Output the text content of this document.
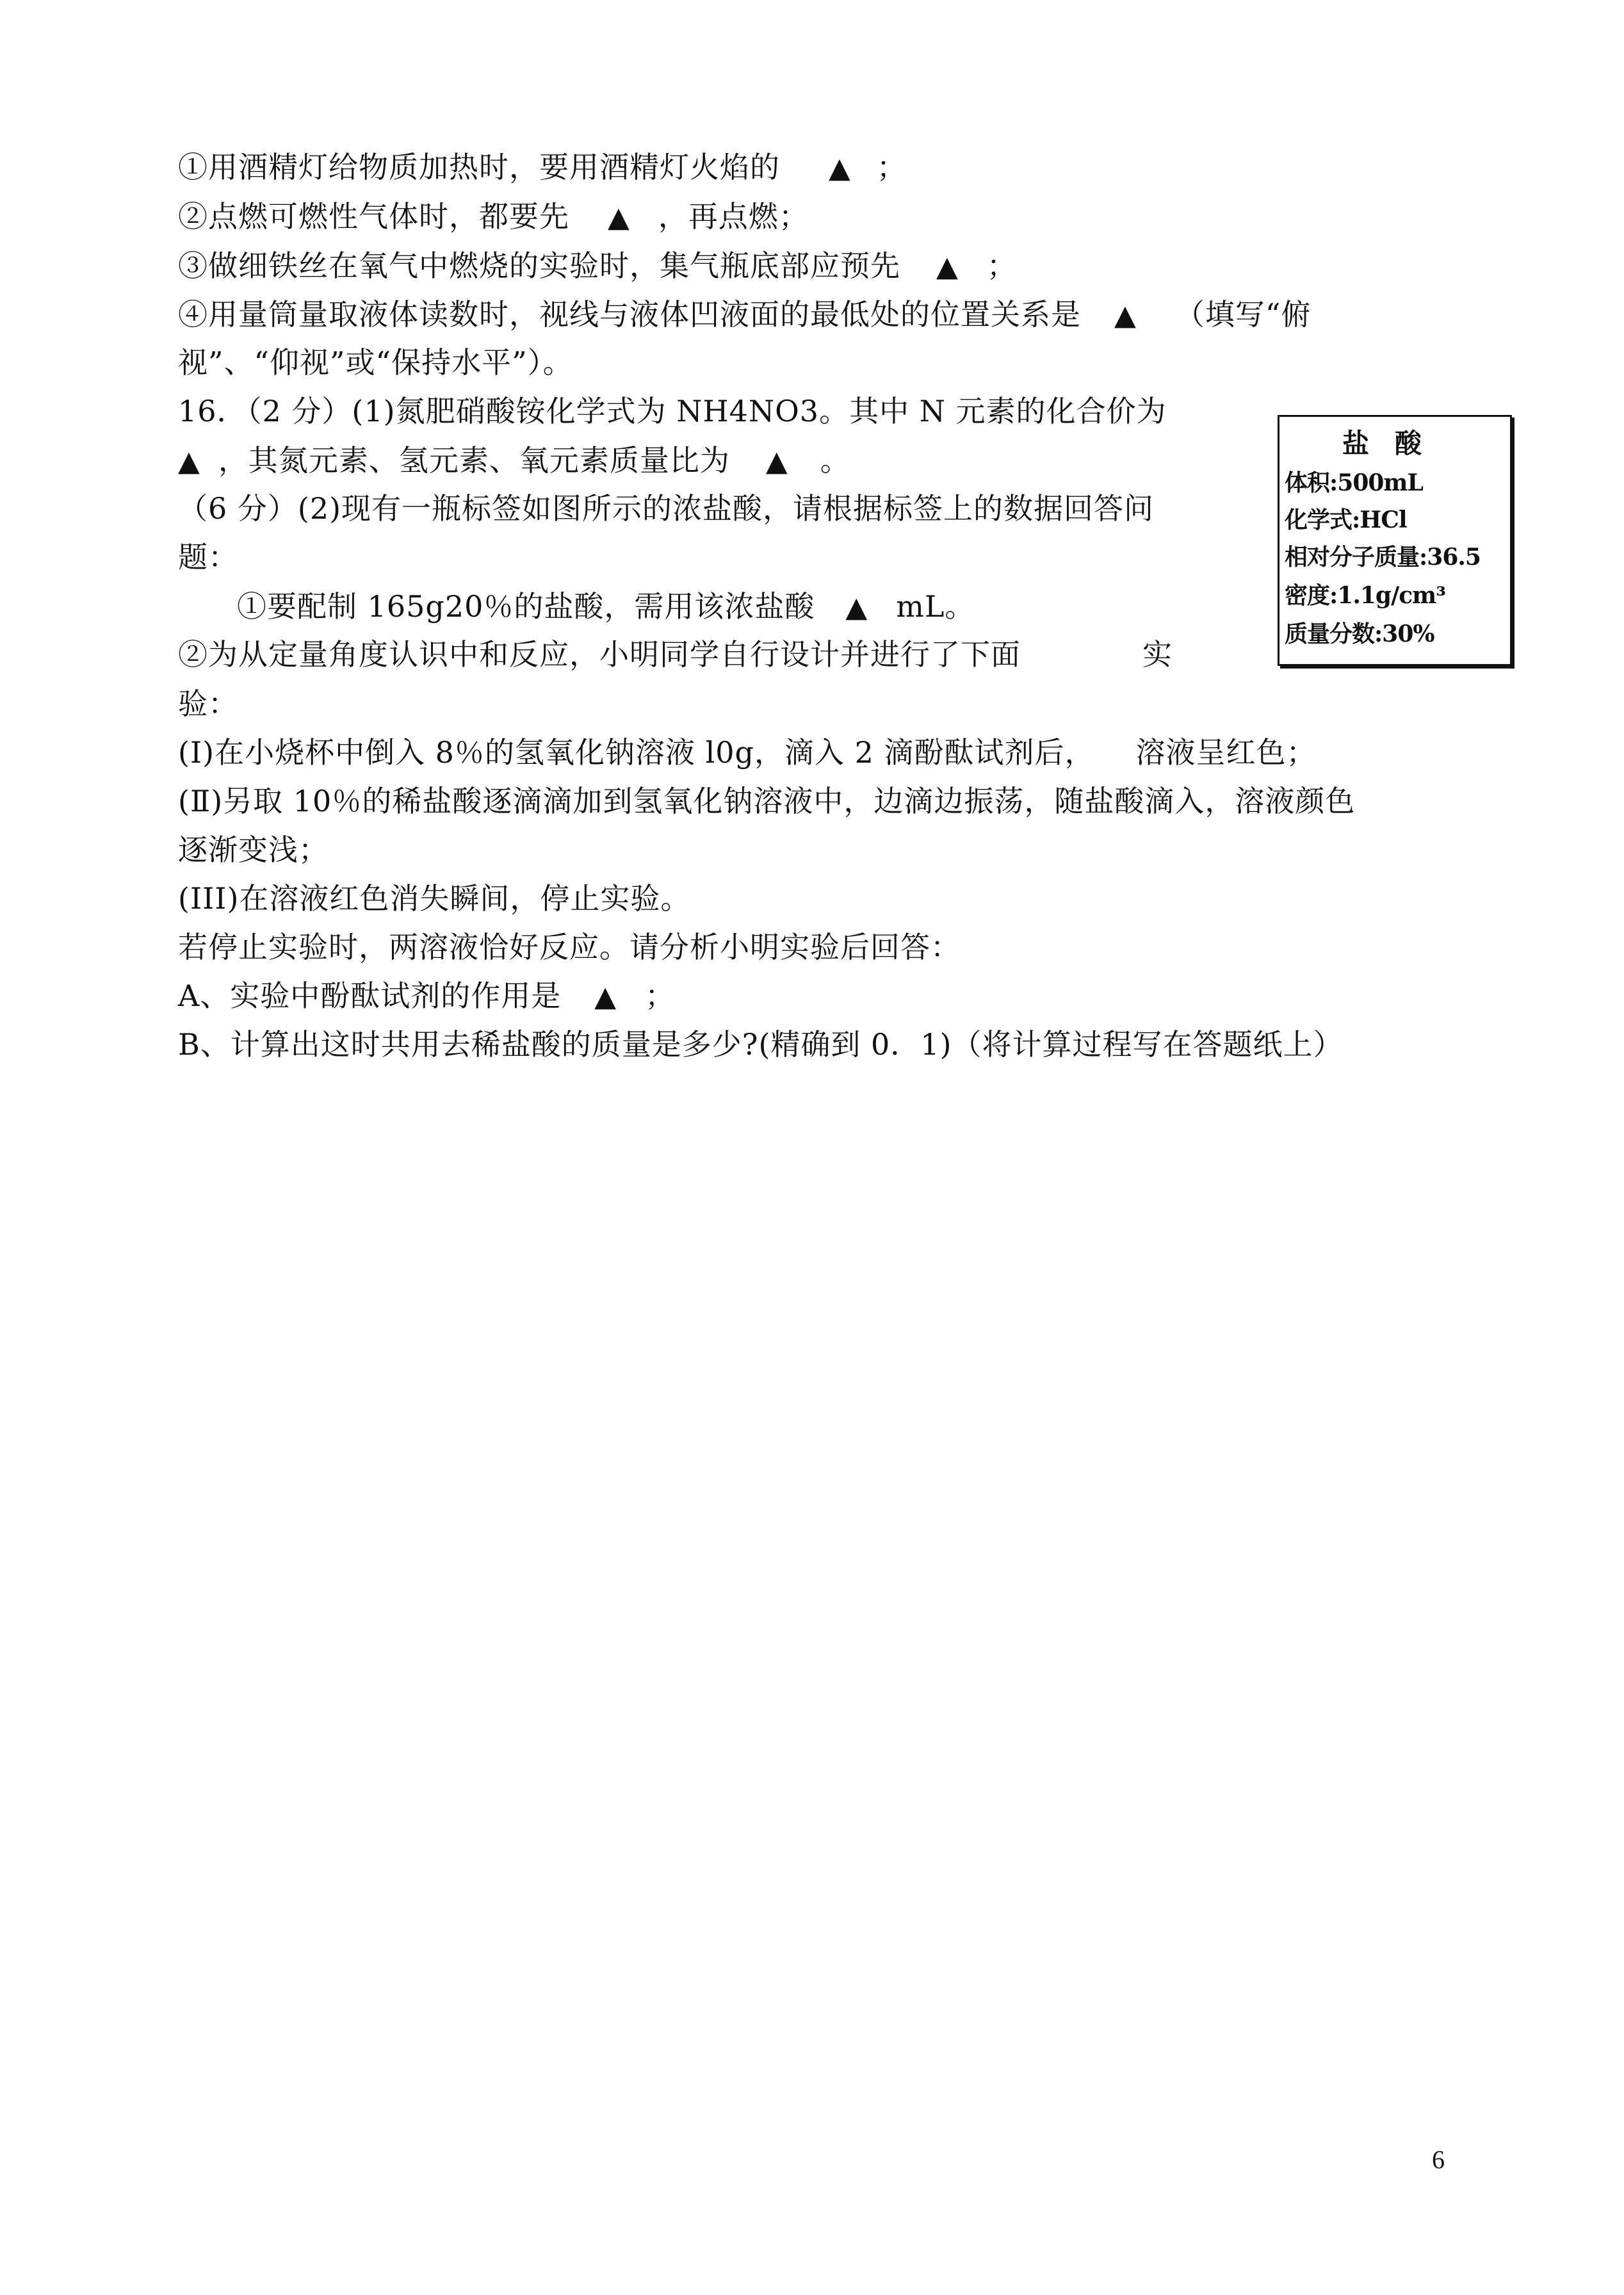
①用酒精灯给物质加热时，要用酒精灯火焰的 ▲ ；
②点燃可燃性气体时，都要先 ▲ ，再点燃；
③做细铁丝在氧气中燃烧的实验时，集气瓶底部应预先 ▲ ；
④用量筒量取液体读数时，视线与液体凹液面的最低处的位置关系是 ▲ （填写“俯
视”、“仰视”或“保持水平”）。
16．（2 分）(1)氮肥硝酸铵化学式为 NH4NO3。其中 N 元素的化合价为
▲ ，其氮元素、氢元素、氧元素质量比为 ▲ 。
（6 分）(2)现有一瓶标签如图所示的浓盐酸，请根据标签上的数据回答问
题：
①要配制 165g20％的盐酸，需用该浓盐酸 ▲ mL。
②为从定量角度认识中和反应，小明同学自行设计并进行了下面	实
验：
(Ⅰ)在小烧杯中倒入 8％的氢氧化钠溶液 l0g，滴入 2 滴酚酞试剂后， 溶液呈红色；
(Ⅱ)另取 10％的稀盐酸逐滴滴加到氢氧化钠溶液中，边滴边振荡，随盐酸滴入，溶液颜色
逐渐变浅；
(III)在溶液红色消失瞬间，停止实验。
若停止实验时，两溶液恰好反应。请分析小明实验后回答：
A、实验中酚酞试剂的作用是 ▲ ；
B、计算出这时共用去稀盐酸的质量是多少?(精确到 0．1)（将计算过程写在答题纸上）
盐酸
体积:500mL
化学式:HCl
相对分子质量:36.5
密度:1.1g/cm³
质量分数:30%
6
